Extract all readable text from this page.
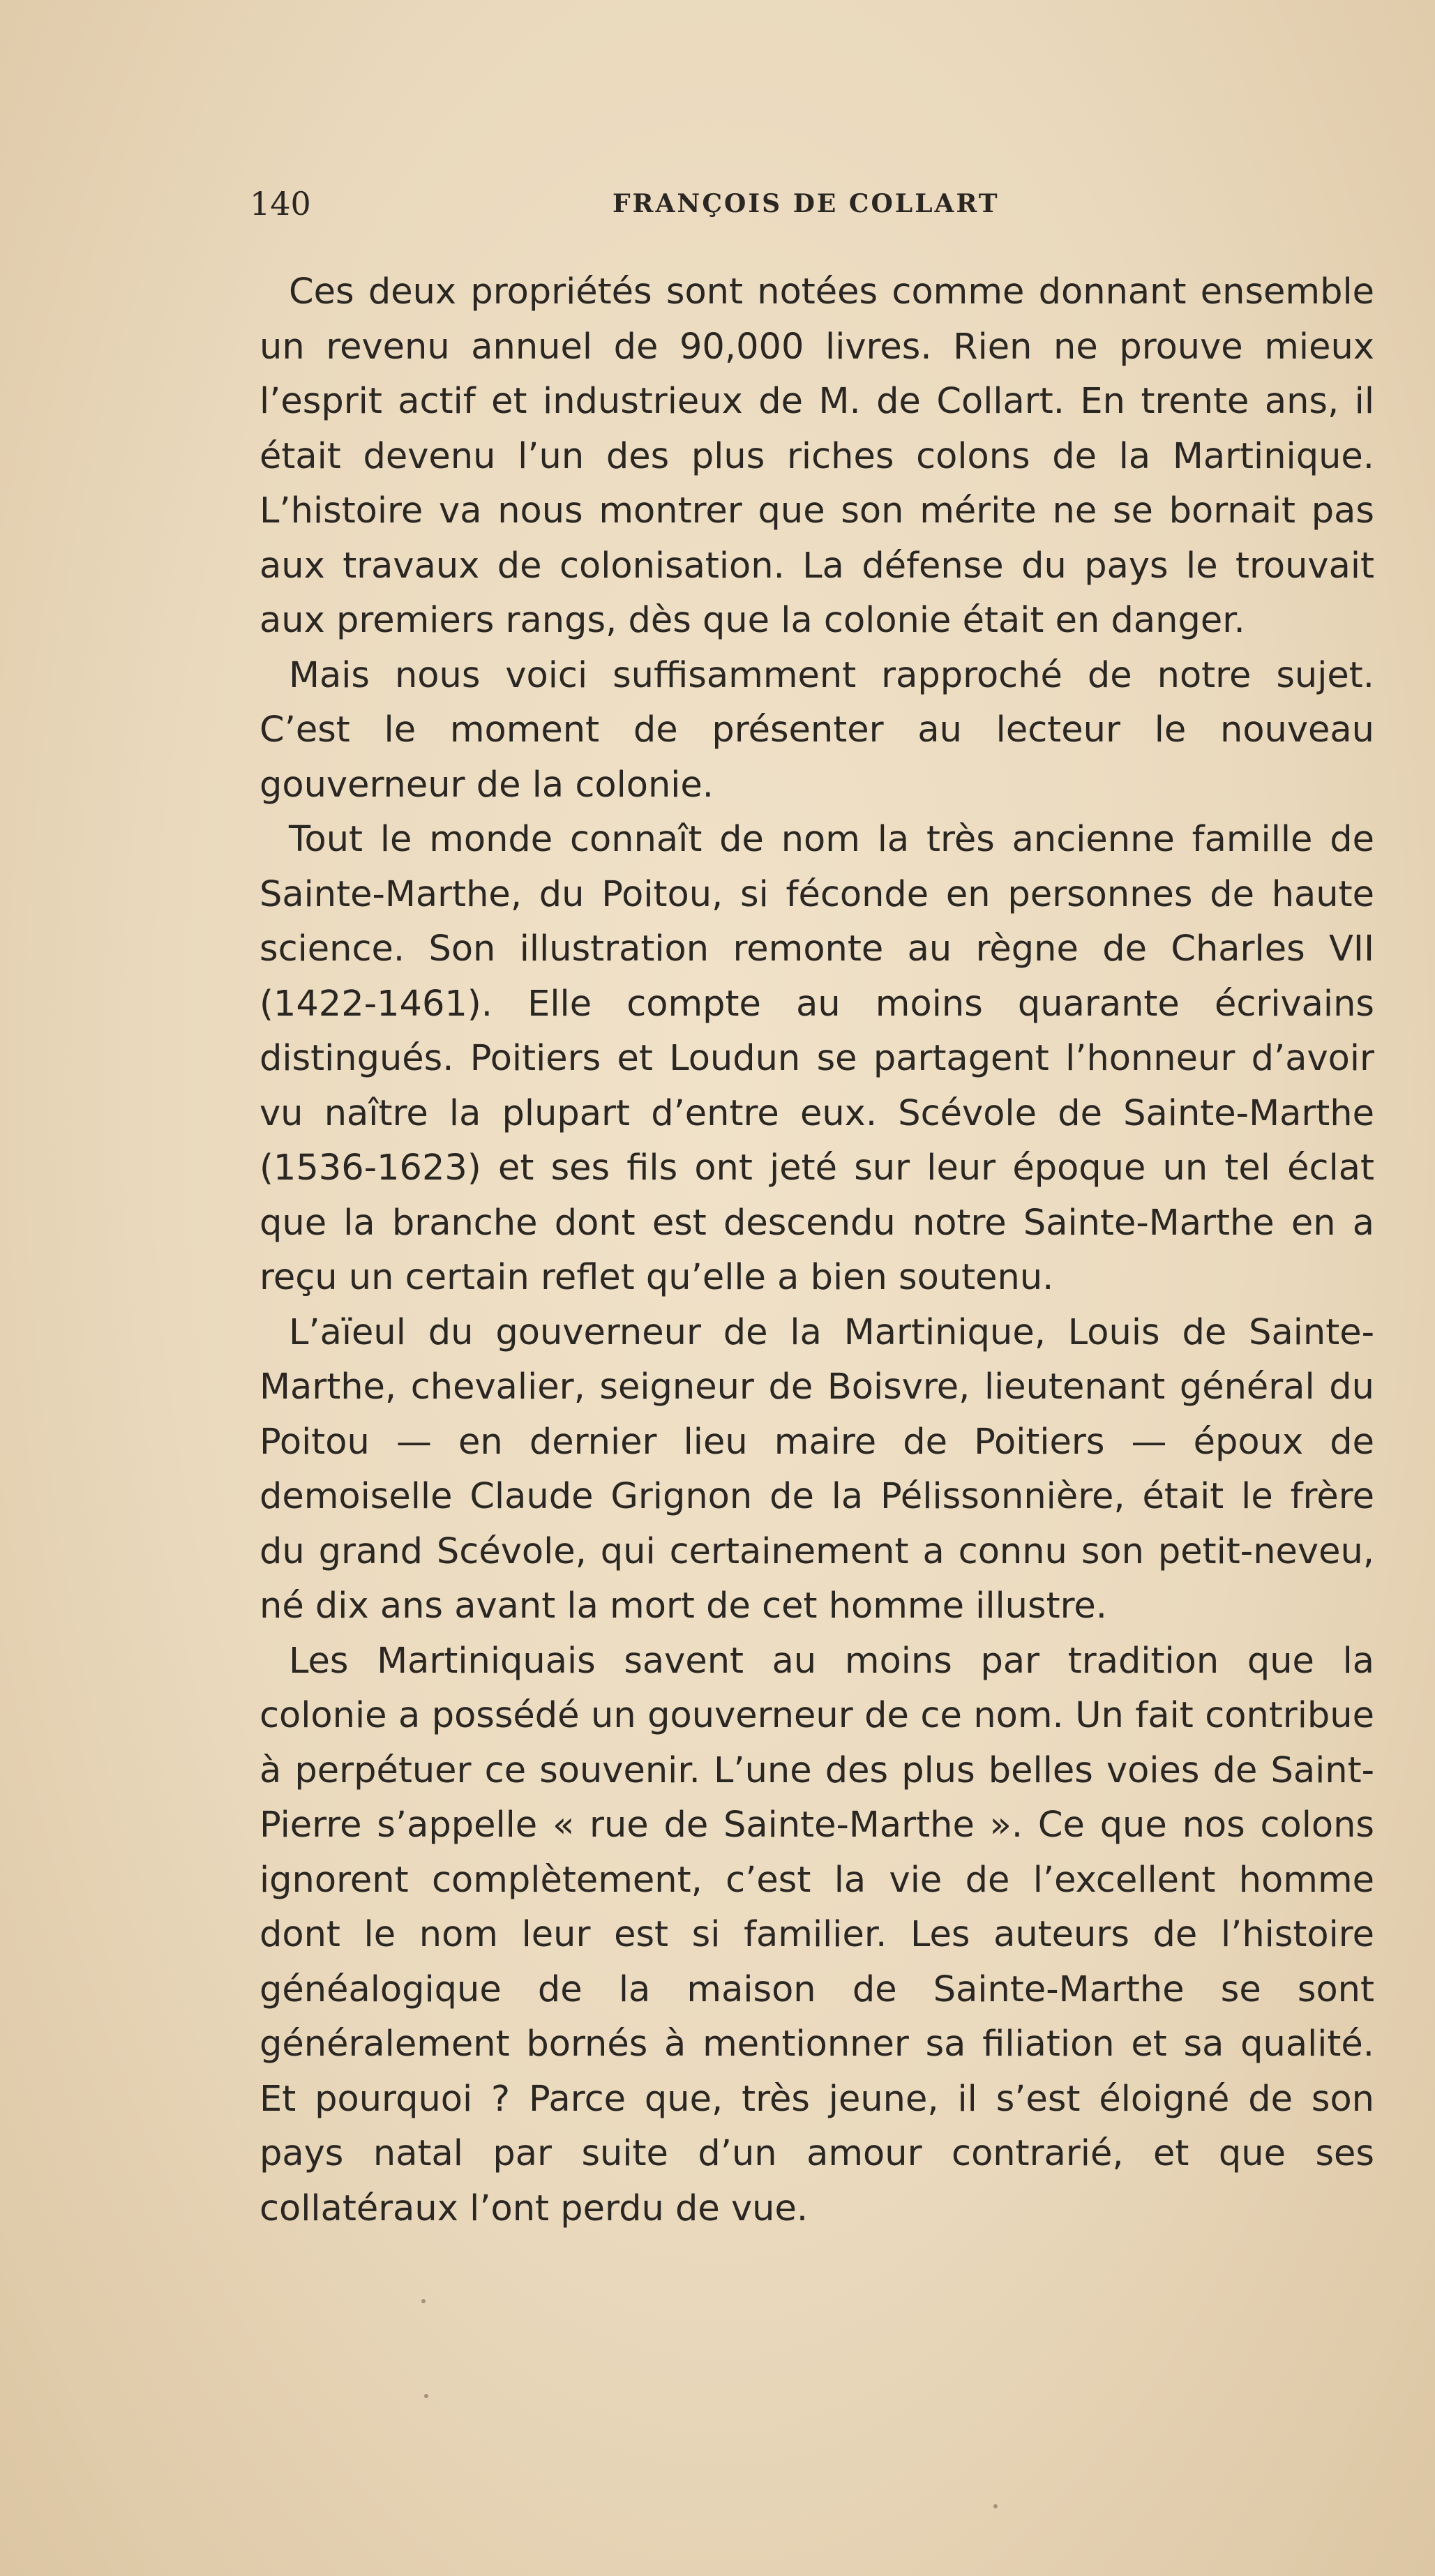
140	FRANÇOIS DE COLLART

Ces deux propriétés sont notées comme donnant ensemble un revenu annuel de 90,000 livres. Rien ne prouve mieux l’esprit actif et industrieux de M. de Collart. En trente ans, il était devenu l’un des plus riches colons de la Martinique. L’histoire va nous montrer que son mérite ne se bornait pas aux travaux de colonisation. La défense du pays le trouvait aux premiers rangs, dès que la colonie était en danger.

Mais nous voici suffisamment rapproché de notre sujet. C’est le moment de présenter au lecteur le nouveau gouverneur de la colonie.

Tout le monde connaît de nom la très ancienne famille de Sainte-Marthe, du Poitou, si féconde en personnes de haute science. Son illustration remonte au règne de Charles VII (1422-1461). Elle compte au moins quarante écrivains distingués. Poitiers et Loudun se partagent l’honneur d’avoir vu naître la plupart d’entre eux. Scévole de Sainte-Marthe (1536-1623) et ses fils ont jeté sur leur époque un tel éclat que la branche dont est descendu notre Sainte-Marthe en a reçu un certain reflet qu’elle a bien soutenu.

L’aïeul du gouverneur de la Martinique, Louis de Sainte-Marthe, chevalier, seigneur de Boisvre, lieutenant général du Poitou — en dernier lieu maire de Poitiers — époux de demoiselle Claude Grignon de la Pélissonnière, était le frère du grand Scévole, qui certainement a connu son petit-neveu, né dix ans avant la mort de cet homme illustre.

Les Martiniquais savent au moins par tradition que la colonie a possédé un gouverneur de ce nom. Un fait contribue à perpétuer ce souvenir. L’une des plus belles voies de Saint-Pierre s’appelle « rue de Sainte-Marthe ». Ce que nos colons ignorent complètement, c’est la vie de l’excellent homme dont le nom leur est si familier. Les auteurs de l’histoire généalogique de la maison de Sainte-Marthe se sont généralement bornés à mentionner sa filiation et sa qualité. Et pourquoi ? Parce que, très jeune, il s’est éloigné de son pays natal par suite d’un amour contrarié, et que ses collatéraux l’ont perdu de vue.
